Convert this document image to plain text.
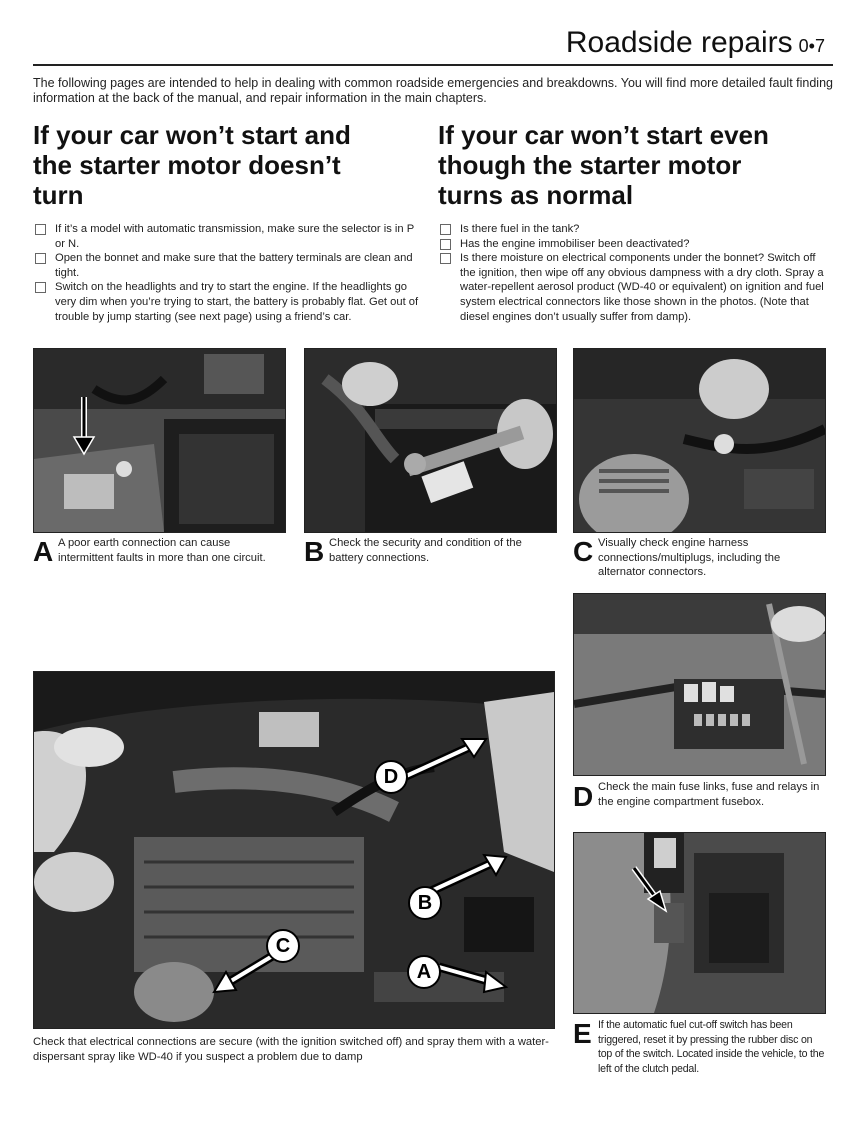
Roadside repairs 0•7
The following pages are intended to help in dealing with common roadside emergencies and breakdowns. You will find more detailed fault finding information at the back of the manual, and repair information in the main chapters.
If your car won’t start and
the starter motor doesn’t
turn
If it’s a model with automatic transmission, make sure the selector is in P or N.
Open the bonnet and make sure that the battery terminals are clean and tight.
Switch on the headlights and try to start the engine. If the headlights go very dim when you’re trying to start, the battery is probably flat. Get out of trouble by jump starting (see next page) using a friend’s car.
If your car won’t start even
though the starter motor
turns as normal
Is there fuel in the tank?
Has the engine immobiliser been deactivated?
Is there moisture on electrical components under the bonnet? Switch off the ignition, then wipe off any obvious dampness with a dry cloth. Spray a water-repellent aerosol product (WD-40 or equivalent) on ignition and fuel system electrical connectors like those shown in the photos. (Note that diesel engines don’t usually suffer from damp).
A A poor earth connection can cause intermittent faults in more than one circuit.	B Check the security and condition of the battery connections.	C Visually check engine harness connections/multiplugs, including the alternator connectors.
D Check the main fuse links, fuse and relays in the engine compartment fusebox.
D
B
C
A
Check that electrical connections are secure (with the ignition switched off) and spray them with a water-dispersant spray like WD-40 if you suspect a problem due to damp
E If the automatic fuel cut-off switch has been triggered, reset it by pressing the rubber disc on top of the switch. Located inside the vehicle, to the left of the clutch pedal.
